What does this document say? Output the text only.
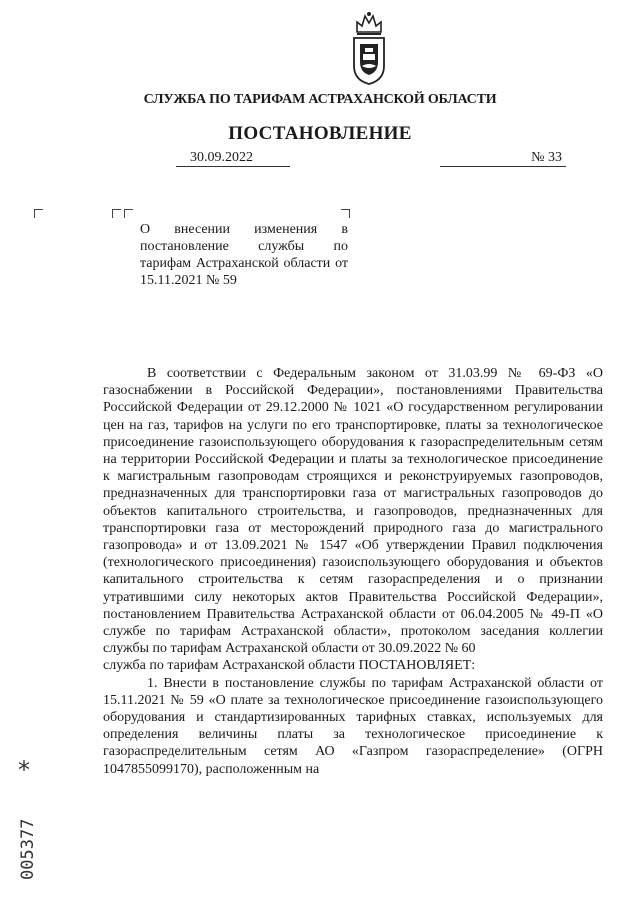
СЛУЖБА ПО ТАРИФАМ АСТРАХАНСКОЙ ОБЛАСТИ
ПОСТАНОВЛЕНИЕ
30.09.2022	№ 33
О внесении изменения в постановление службы по тарифам Астраханской области от 15.11.2021 № 59

В соответствии с Федеральным законом от 31.03.99 № 69-ФЗ «О газоснабжении в Российской Федерации», постановлениями Правительства Российской Федерации от 29.12.2000 № 1021 «О государственном регулировании цен на газ, тарифов на услуги по его транспортировке, платы за технологическое присоединение газоиспользующего оборудования к газораспределительным сетям на территории Российской Федерации и платы за технологическое присоединение к магистральным газопроводам строящихся и реконструируемых газопроводов, предназначенных для транспортировки газа от магистральных газопроводов до объектов капитального строительства, и газопроводов, предназначенных для транспортировки газа от месторождений природного газа до магистрального газопровода» и от 13.09.2021 № 1547 «Об утверждении Правил подключения (технологического присоединения) газоиспользующего оборудования и объектов капитального строительства к сетям газораспределения и о признании утратившими силу некоторых актов Правительства Российской Федерации», постановлением Правительства Астраханской области от 06.04.2005 № 49-П «О службе по тарифам Астраханской области», протоколом заседания коллегии службы по тарифам Астраханской области от 30.09.2022 № 60

служба по тарифам Астраханской области ПОСТАНОВЛЯЕТ:

1. Внести в постановление службы по тарифам Астраханской области от 15.11.2021 № 59 «О плате за технологическое присоединение газоиспользующего оборудования и стандартизированных тарифных ставках, используемых для определения величины платы за технологическое присоединение к газораспределительным сетям АО «Газпром газораспределение» (ОГРН 1047855099170), расположенным на

*
005377
